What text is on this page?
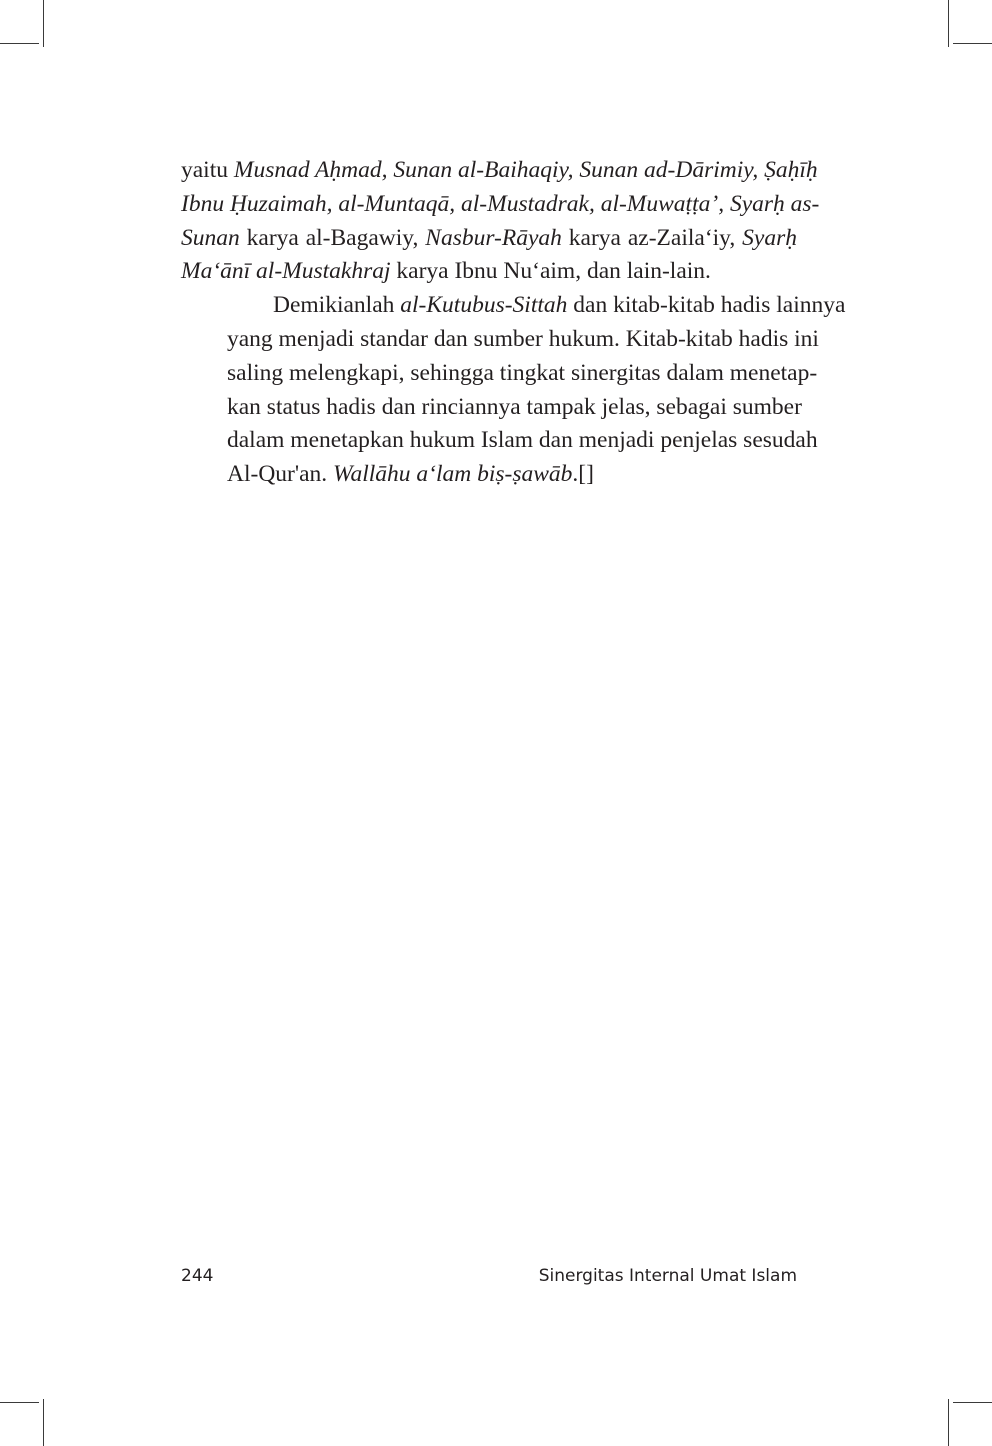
yaitu Musnad Aḥmad, Sunan al-Baihaqiy, Sunan ad-Dārimiy, Ṣaḥīḥ
Ibnu Ḥuzaimah, al-Muntaqā, al-Mustadrak, al-Muwaṭṭa’, Syarḥ as-
Sunan karya al-Bagawiy, Nasbur-Rāyah karya az-Zailaʻiy, Syarḥ
Maʻānī al-Mustakhraj karya Ibnu Nuʻaim, dan lain-lain.

Demikianlah al-Kutubus-Sittah dan kitab-kitab hadis lainnya
yang menjadi standar dan sumber hukum. Kitab-kitab hadis ini
saling melengkapi, sehingga tingkat sinergitas dalam menetap-
kan status hadis dan rinciannya tampak jelas, sebagai sumber
dalam menetapkan hukum Islam dan menjadi penjelas sesudah
Al-Qur'an. Wallāhu aʻlam biṣ-ṣawāb.[]

244	Sinergitas Internal Umat Islam
